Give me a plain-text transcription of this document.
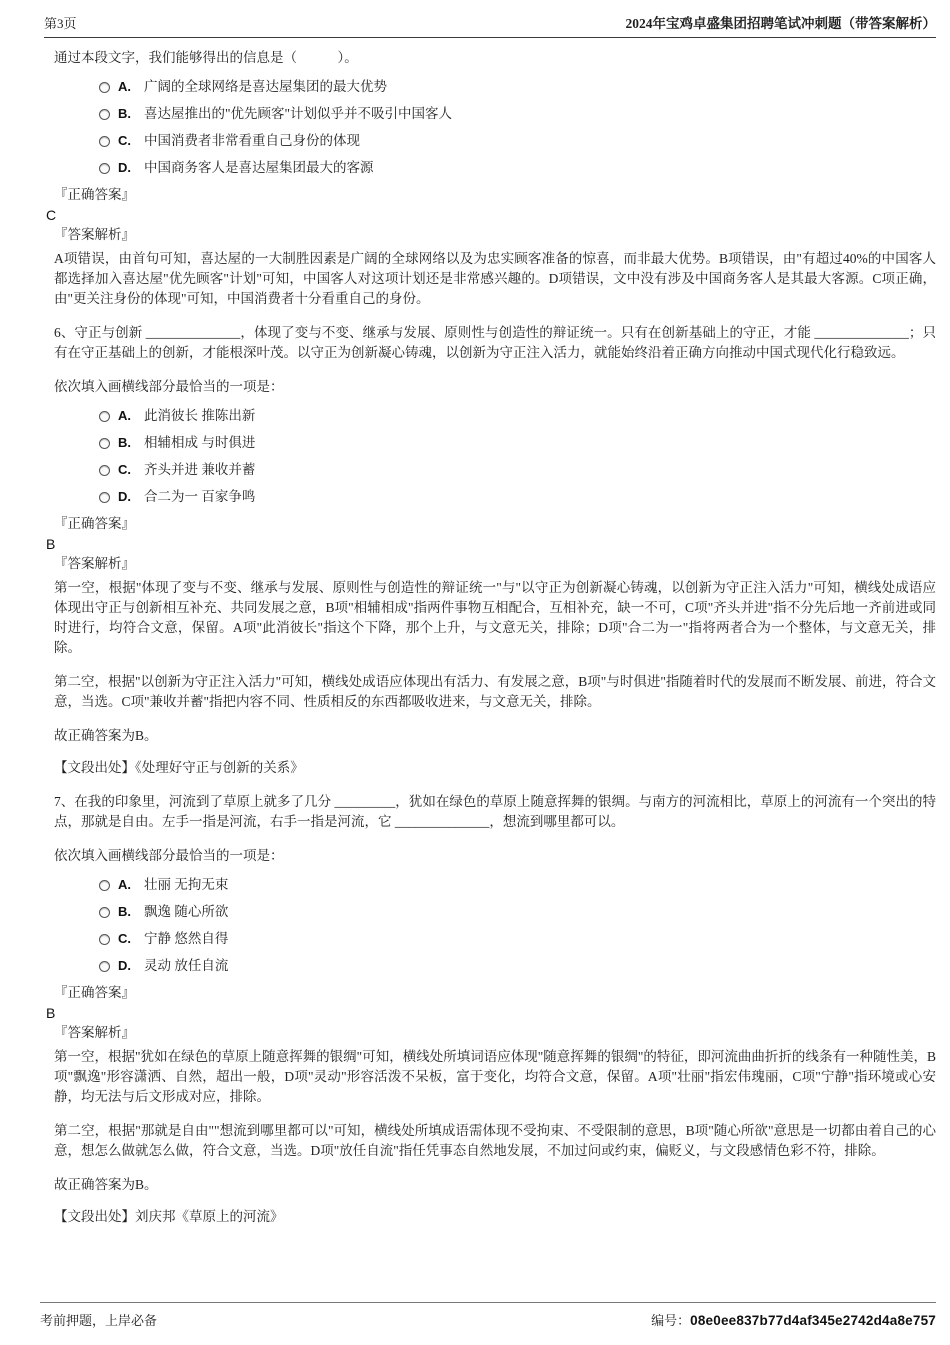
第3页	2024年宝鸡卓盛集团招聘笔试冲刺题（带答案解析）

通过本段文字，我们能够得出的信息是（　　　）。

A. 广阔的全球网络是喜达屋集团的最大优势
B. 喜达屋推出的"优先顾客"计划似乎并不吸引中国客人
C. 中国消费者非常看重自己身份的体现
D. 中国商务客人是喜达屋集团最大的客源

『正确答案』

C

『答案解析』

A项错误，由首句可知，喜达屋的一大制胜因素是广阔的全球网络以及为忠实顾客准备的惊喜，而非最大优势。B项错误，由"有超过40%的中国客人都选择加入喜达屋"优先顾客"计划"可知，中国客人对这项计划还是非常感兴趣的。D项错误，文中没有涉及中国商务客人是其最大客源。C项正确，由"更关注身份的体现"可知，中国消费者十分看重自己的身份。

6、守正与创新 ______________，体现了变与不变、继承与发展、原则性与创造性的辩证统一。只有在创新基础上的守正，才能 ______________；只有在守正基础上的创新，才能根深叶茂。以守正为创新凝心铸魂，以创新为守正注入活力，就能始终沿着正确方向推动中国式现代化行稳致远。

依次填入画横线部分最恰当的一项是：

A. 此消彼长 推陈出新
B. 相辅相成 与时俱进
C. 齐头并进 兼收并蓄
D. 合二为一 百家争鸣

『正确答案』

B

『答案解析』

第一空，根据"体现了变与不变、继承与发展、原则性与创造性的辩证统一"与"以守正为创新凝心铸魂，以创新为守正注入活力"可知，横线处成语应体现出守正与创新相互补充、共同发展之意，B项"相辅相成"指两件事物互相配合，互相补充，缺一不可，C项"齐头并进"指不分先后地一齐前进或同时进行，均符合文意，保留。A项"此消彼长"指这个下降，那个上升，与文意无关，排除；D项"合二为一"指将两者合为一个整体，与文意无关，排除。

第二空，根据"以创新为守正注入活力"可知，横线处成语应体现出有活力、有发展之意，B项"与时俱进"指随着时代的发展而不断发展、前进，符合文意，当选。C项"兼收并蓄"指把内容不同、性质相反的东西都吸收进来，与文意无关，排除。

故正确答案为B。

【文段出处】《处理好守正与创新的关系》

7、在我的印象里，河流到了草原上就多了几分 _________，犹如在绿色的草原上随意挥舞的银绸。与南方的河流相比，草原上的河流有一个突出的特点，那就是自由。左手一指是河流，右手一指是河流，它 ______________，想流到哪里都可以。

依次填入画横线部分最恰当的一项是：

A. 壮丽 无拘无束
B. 飘逸 随心所欲
C. 宁静 悠然自得
D. 灵动 放任自流

『正确答案』

B

『答案解析』

第一空，根据"犹如在绿色的草原上随意挥舞的银绸"可知，横线处所填词语应体现"随意挥舞的银绸"的特征，即河流曲曲折折的线条有一种随性美，B项"飘逸"形容潇洒、自然，超出一般，D项"灵动"形容活泼不呆板，富于变化，均符合文意，保留。A项"壮丽"指宏伟瑰丽，C项"宁静"指环境或心安静，均无法与后文形成对应，排除。

第二空，根据"那就是自由""想流到哪里都可以"可知，横线处所填成语需体现不受拘束、不受限制的意思，B项"随心所欲"意思是一切都由着自己的心意，想怎么做就怎么做，符合文意，当选。D项"放任自流"指任凭事态自然地发展，不加过问或约束，偏贬义，与文段感情色彩不符，排除。

故正确答案为B。

【文段出处】刘庆邦《草原上的河流》

考前押题，上岸必备	编号： 08e0ee837b77d4af345e2742d4a8e757
